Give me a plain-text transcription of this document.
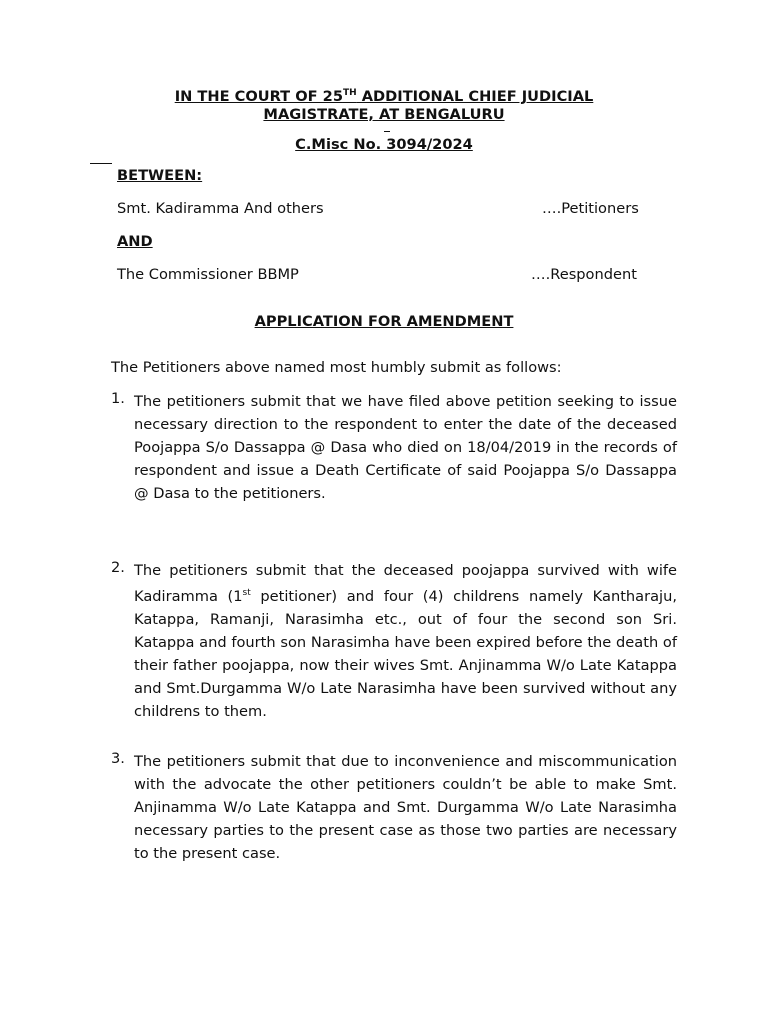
IN THE COURT OF 25TH ADDITIONAL CHIEF JUDICIAL
MAGISTRATE, AT BENGALURU
C.Misc No. 3094/2024
BETWEEN:
Smt. Kadiramma And others	….Petitioners
AND
The Commissioner BBMP	….Respondent
APPLICATION FOR AMENDMENT
The Petitioners above named most humbly submit as follows:
1. The petitioners submit that we have filed above petition seeking to issue necessary direction to the respondent to enter the date of the deceased Poojappa S/o Dassappa @ Dasa who died on 18/04/2019 in the records of respondent and issue a Death Certificate of said Poojappa S/o Dassappa @ Dasa to the petitioners.
2. The petitioners submit that the deceased poojappa survived with wife Kadiramma (1st petitioner) and four (4) childrens namely Kantharaju, Katappa, Ramanji, Narasimha etc., out of four the second son Sri. Katappa and fourth son Narasimha have been expired before the death of their father poojappa, now their wives Smt. Anjinamma W/o Late Katappa and Smt.Durgamma W/o Late Narasimha have been survived without any childrens to them.
3. The petitioners submit that due to inconvenience and miscommunication with the advocate the other petitioners couldn’t be able to make Smt. Anjinamma W/o Late Katappa and Smt. Durgamma W/o Late Narasimha necessary parties to the present case as those two parties are necessary to the present case.
